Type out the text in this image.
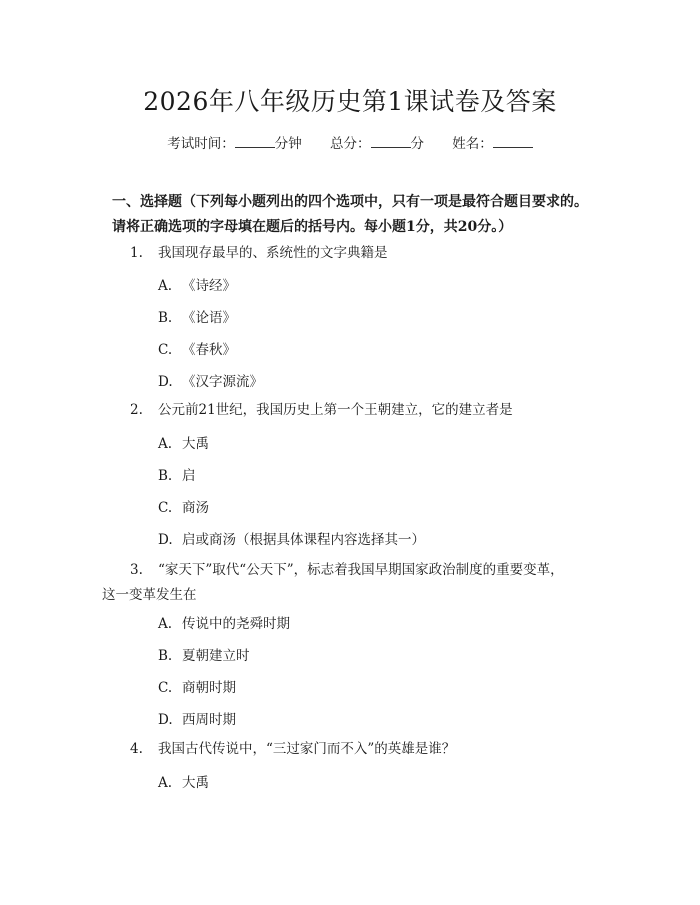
2026年八年级历史第1课试卷及答案
考试时间：	分钟 总分：	分 姓名：
一、选择题（下列每小题列出的四个选项中，只有一项是最符合题目要求的。请将正确选项的字母填在题后的括号内。每小题1分，共20分。）
1. 我国现存最早的、系统性的文字典籍是
A. 《诗经》
B. 《论语》
C. 《春秋》
D. 《汉字源流》
2. 公元前21世纪，我国历史上第一个王朝建立，它的建立者是
A. 大禹
B. 启
C. 商汤
D. 启或商汤（根据具体课程内容选择其一）
3. “家天下”取代“公天下”，标志着我国早期国家政治制度的重要变革，
这一变革发生在
A. 传说中的尧舜时期
B. 夏朝建立时
C. 商朝时期
D. 西周时期
4. 我国古代传说中，“三过家门而不入”的英雄是谁？
A. 大禹
